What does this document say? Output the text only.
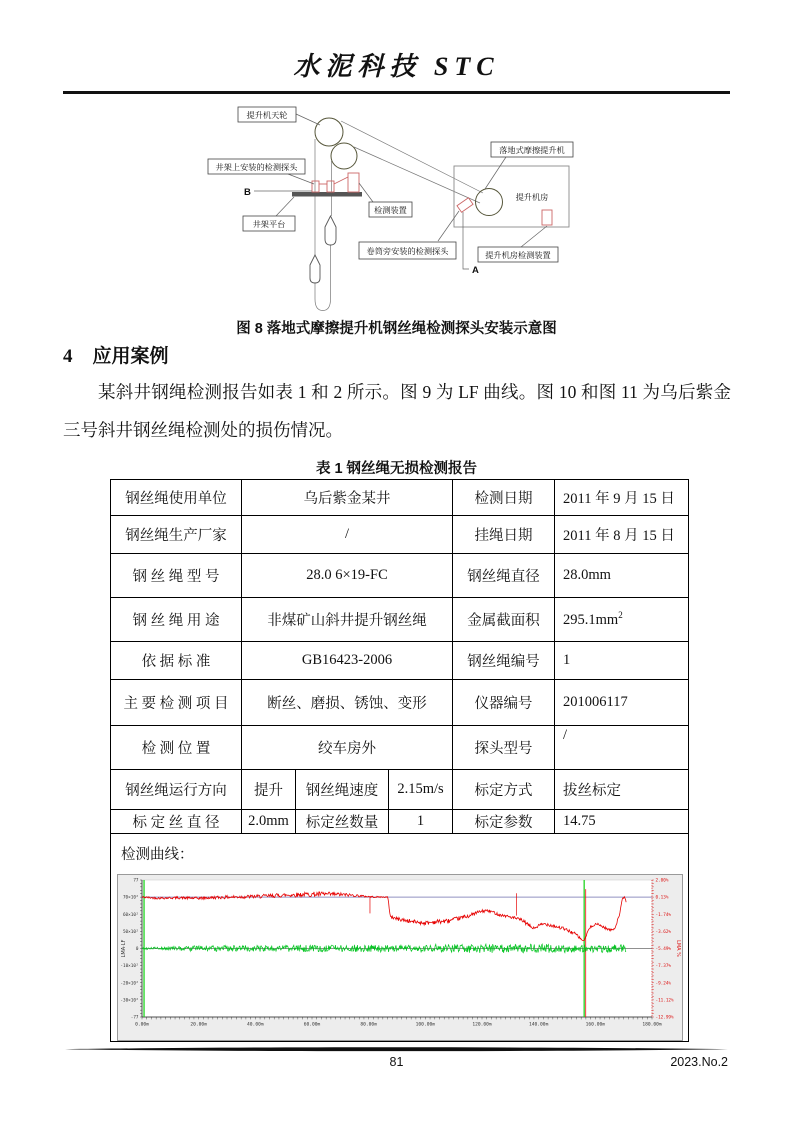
水泥科技 STC
提升机房
提升机天轮
井架上安装的检测探头
井架平台
检测装置
卷筒旁安装的检测探头
落地式摩擦提升机
提升机房检测装置
B
A
图 8 落地式摩擦提升机钢丝绳检测探头安装示意图
4 应用案例

某斜井钢绳检测报告如表 1 和 2 所示。图 9 为 LF 曲线。图 10 和图 11 为乌后紫金三号斜井钢丝绳检测处的损伤情况。

表 1 钢丝绳无损检测报告
钢丝绳使用单位	乌后紫金某井			检测日期	2011 年 9 月 15 日
钢丝绳生产厂家	/			挂绳日期	2011 年 8 月 15 日
钢 丝 绳 型 号	28.0 6×19-FC			钢丝绳直径	28.0mm
钢 丝 绳 用 途	非煤矿山斜井提升钢丝绳			金属截面积	$295.1mm^2$
依 据 标 准	GB16423-2006			钢丝绳编号	1
主 要 检 测 项 目	断丝、磨损、锈蚀、变形			仪器编号	201006117
检 测 位 置	绞车房外			探头型号	/
钢丝绳运行方向	提升	钢丝绳速度	2.15m/s	标定方式	拔丝标定
标 定 丝 直 径	2.0mm	标定丝数量	1	标定参数	14.75

检测曲线：
77
70×10²
60×10²
50×10²
0
-10×10²
-20×10²
-30×10²
-77
2.00%
0.13%
-1.74%
-3.62%
-5.49%
-7.37%
-9.24%
-11.12%
-12.99%
0.00m	20.00m	40.00m	60.00m	80.00m	100.00m	120.00m	140.00m	160.00m	180.00m
LMA·LF	LMA %
81	2023.No.2
